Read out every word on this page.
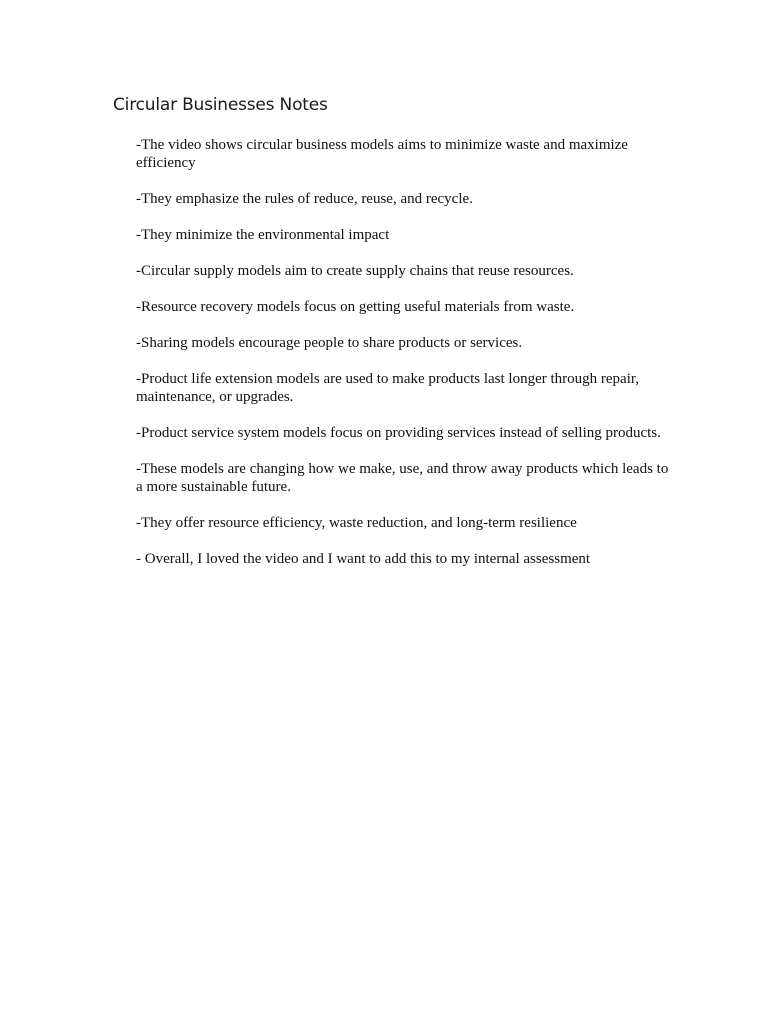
Circular Businesses Notes
-The video shows circular business models aims to minimize waste and maximize efficiency
-They emphasize the rules of reduce, reuse, and recycle.
-They minimize the environmental impact
-Circular supply models aim to create supply chains that reuse resources.
-Resource recovery models focus on getting useful materials from waste.
-Sharing models encourage people to share products or services.
-Product life extension models are used to make products last longer through repair, maintenance, or upgrades.
-Product service system models focus on providing services instead of selling products.
-These models are changing how we make, use, and throw away products which leads to a more sustainable future.
-They offer resource efficiency, waste reduction, and long-term resilience
- Overall, I loved the video and I want to add this to my internal assessment
